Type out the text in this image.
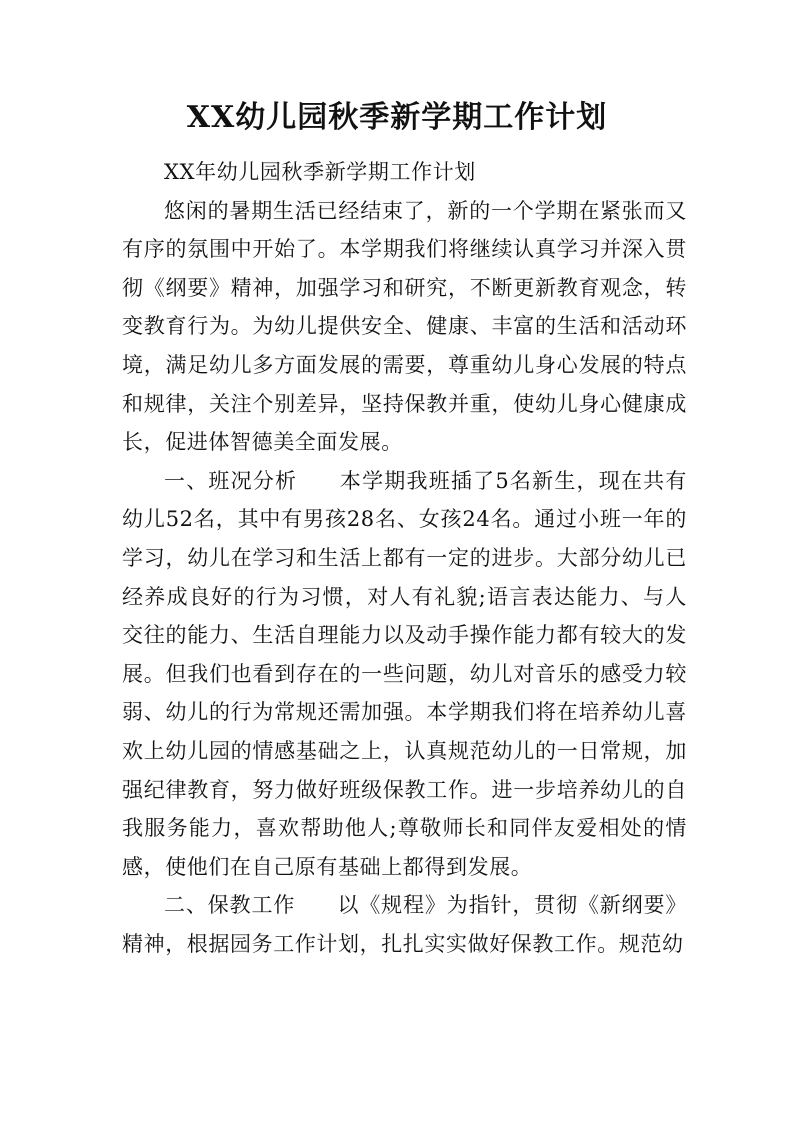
XX幼儿园秋季新学期工作计划

XX年幼儿园秋季新学期工作计划

悠闲的暑期生活已经结束了，新的一个学期在紧张而又有序的氛围中开始了。本学期我们将继续认真学习并深入贯彻《纲要》精神，加强学习和研究，不断更新教育观念，转变教育行为。为幼儿提供安全、健康、丰富的生活和活动环境，满足幼儿多方面发展的需要，尊重幼儿身心发展的特点和规律，关注个别差异，坚持保教并重，使幼儿身心健康成长，促进体智德美全面发展。

一、班况分析 本学期我班插了5名新生，现在共有幼儿52名，其中有男孩28名、女孩24名。通过小班一年的学习，幼儿在学习和生活上都有一定的进步。大部分幼儿已经养成良好的行为习惯，对人有礼貌;语言表达能力、与人交往的能力、生活自理能力以及动手操作能力都有较大的发展。但我们也看到存在的一些问题，幼儿对音乐的感受力较弱、幼儿的行为常规还需加强。本学期我们将在培养幼儿喜欢上幼儿园的情感基础之上，认真规范幼儿的一日常规，加强纪律教育，努力做好班级保教工作。进一步培养幼儿的自我服务能力，喜欢帮助他人;尊敬师长和同伴友爱相处的情感，使他们在自己原有基础上都得到发展。

二、保教工作 以《规程》为指针，贯彻《新纲要》精神，根据园务工作计划，扎扎实实做好保教工作。规范幼
